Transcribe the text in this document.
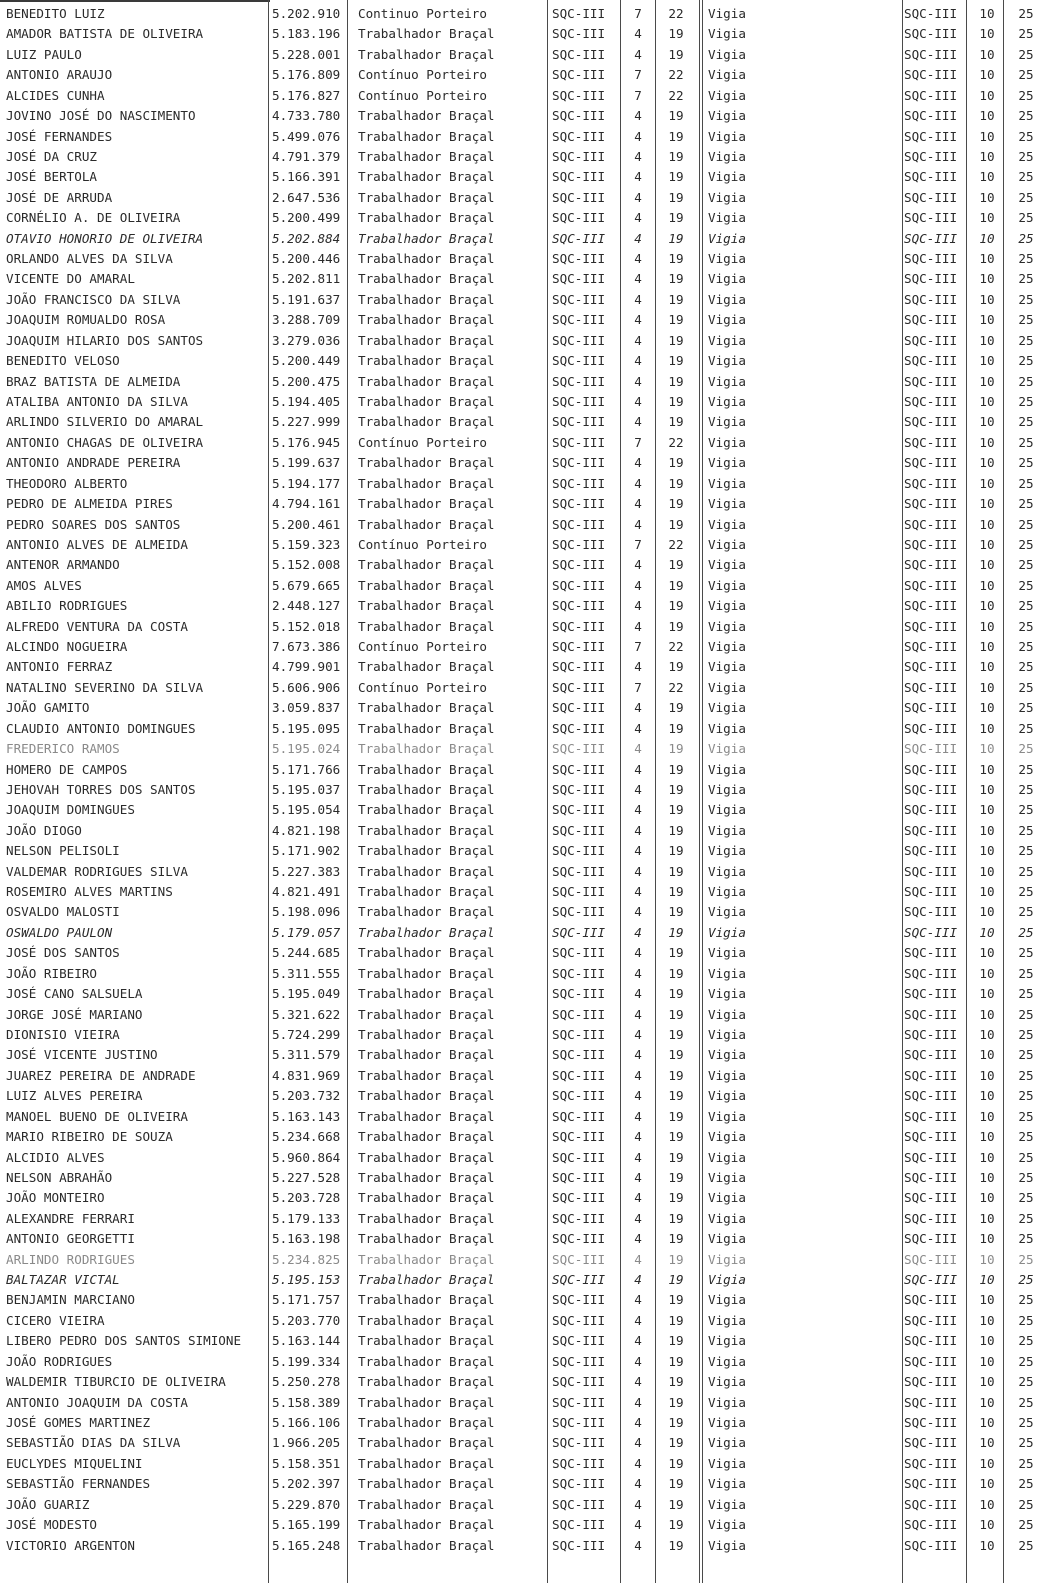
BENEDITO LUIZ	5.202.910	Continuo Porteiro	SQC-III	7	22	Vigia	SQC-III	10	25
AMADOR BATISTA DE OLIVEIRA	5.183.196	Trabalhador Braçal	SQC-III	4	19	Vigia	SQC-III	10	25
LUIZ PAULO	5.228.001	Trabalhador Braçal	SQC-III	4	19	Vigia	SQC-III	10	25
ANTONIO ARAUJO	5.176.809	Contínuo Porteiro	SQC-III	7	22	Vigia	SQC-III	10	25
ALCIDES CUNHA	5.176.827	Contínuo Porteiro	SQC-III	7	22	Vigia	SQC-III	10	25
JOVINO JOSÉ DO NASCIMENTO	4.733.780	Trabalhador Braçal	SQC-III	4	19	Vigia	SQC-III	10	25
JOSÉ FERNANDES	5.499.076	Trabalhador Braçal	SQC-III	4	19	Vigia	SQC-III	10	25
JOSÉ DA CRUZ	4.791.379	Trabalhador Braçal	SQC-III	4	19	Vigia	SQC-III	10	25
JOSÉ BERTOLA	5.166.391	Trabalhador Braçal	SQC-III	4	19	Vigia	SQC-III	10	25
JOSÉ DE ARRUDA	2.647.536	Trabalhador Braçal	SQC-III	4	19	Vigia	SQC-III	10	25
CORNÉLIO A. DE OLIVEIRA	5.200.499	Trabalhador Braçal	SQC-III	4	19	Vigia	SQC-III	10	25
OTAVIO HONORIO DE OLIVEIRA	5.202.884	Trabalhador Braçal	SQC-III	4	19	Vigia	SQC-III	10	25
ORLANDO ALVES DA SILVA	5.200.446	Trabalhador Braçal	SQC-III	4	19	Vigia	SQC-III	10	25
VICENTE DO AMARAL	5.202.811	Trabalhador Braçal	SQC-III	4	19	Vigia	SQC-III	10	25
JOÃO FRANCISCO DA SILVA	5.191.637	Trabalhador Braçal	SQC-III	4	19	Vigia	SQC-III	10	25
JOAQUIM ROMUALDO ROSA	3.288.709	Trabalhador Braçal	SQC-III	4	19	Vigia	SQC-III	10	25
JOAQUIM HILARIO DOS SANTOS	3.279.036	Trabalhador Braçal	SQC-III	4	19	Vigia	SQC-III	10	25
BENEDITO VELOSO	5.200.449	Trabalhador Braçal	SQC-III	4	19	Vigia	SQC-III	10	25
BRAZ BATISTA DE ALMEIDA	5.200.475	Trabalhador Braçal	SQC-III	4	19	Vigia	SQC-III	10	25
ATALIBA ANTONIO DA SILVA	5.194.405	Trabalhador Braçal	SQC-III	4	19	Vigia	SQC-III	10	25
ARLINDO SILVERIO DO AMARAL	5.227.999	Trabalhador Braçal	SQC-III	4	19	Vigia	SQC-III	10	25
ANTONIO CHAGAS DE OLIVEIRA	5.176.945	Contínuo Porteiro	SQC-III	7	22	Vigia	SQC-III	10	25
ANTONIO ANDRADE PEREIRA	5.199.637	Trabalhador Braçal	SQC-III	4	19	Vigia	SQC-III	10	25
THEODORO ALBERTO	5.194.177	Trabalhador Braçal	SQC-III	4	19	Vigia	SQC-III	10	25
PEDRO DE ALMEIDA PIRES	4.794.161	Trabalhador Braçal	SQC-III	4	19	Vigia	SQC-III	10	25
PEDRO SOARES DOS SANTOS	5.200.461	Trabalhador Braçal	SQC-III	4	19	Vigia	SQC-III	10	25
ANTONIO ALVES DE ALMEIDA	5.159.323	Contínuo Porteiro	SQC-III	7	22	Vigia	SQC-III	10	25
ANTENOR ARMANDO	5.152.008	Trabalhador Braçal	SQC-III	4	19	Vigia	SQC-III	10	25
AMOS ALVES	5.679.665	Trabalhador Braçal	SQC-III	4	19	Vigia	SQC-III	10	25
ABILIO RODRIGUES	2.448.127	Trabalhador Braçal	SQC-III	4	19	Vigia	SQC-III	10	25
ALFREDO VENTURA DA COSTA	5.152.018	Trabalhador Braçal	SQC-III	4	19	Vigia	SQC-III	10	25
ALCINDO NOGUEIRA	7.673.386	Contínuo Porteiro	SQC-III	7	22	Vigia	SQC-III	10	25
ANTONIO FERRAZ	4.799.901	Trabalhador Braçal	SQC-III	4	19	Vigia	SQC-III	10	25
NATALINO SEVERINO DA SILVA	5.606.906	Contínuo Porteiro	SQC-III	7	22	Vigia	SQC-III	10	25
JOÃO GAMITO	3.059.837	Trabalhador Braçal	SQC-III	4	19	Vigia	SQC-III	10	25
CLAUDIO ANTONIO DOMINGUES	5.195.095	Trabalhador Braçal	SQC-III	4	19	Vigia	SQC-III	10	25
FREDERICO RAMOS	5.195.024	Trabalhador Braçal	SQC-III	4	19	Vigia	SQC-III	10	25
HOMERO DE CAMPOS	5.171.766	Trabalhador Braçal	SQC-III	4	19	Vigia	SQC-III	10	25
JEHOVAH TORRES DOS SANTOS	5.195.037	Trabalhador Braçal	SQC-III	4	19	Vigia	SQC-III	10	25
JOAQUIM DOMINGUES	5.195.054	Trabalhador Braçal	SQC-III	4	19	Vigia	SQC-III	10	25
JOÃO DIOGO	4.821.198	Trabalhador Braçal	SQC-III	4	19	Vigia	SQC-III	10	25
NELSON PELISOLI	5.171.902	Trabalhador Braçal	SQC-III	4	19	Vigia	SQC-III	10	25
VALDEMAR RODRIGUES SILVA	5.227.383	Trabalhador Braçal	SQC-III	4	19	Vigia	SQC-III	10	25
ROSEMIRO ALVES MARTINS	4.821.491	Trabalhador Braçal	SQC-III	4	19	Vigia	SQC-III	10	25
OSVALDO MALOSTI	5.198.096	Trabalhador Braçal	SQC-III	4	19	Vigia	SQC-III	10	25
OSWALDO PAULON	5.179.057	Trabalhador Braçal	SQC-III	4	19	Vigia	SQC-III	10	25
JOSÉ DOS SANTOS	5.244.685	Trabalhador Braçal	SQC-III	4	19	Vigia	SQC-III	10	25
JOÃO RIBEIRO	5.311.555	Trabalhador Braçal	SQC-III	4	19	Vigia	SQC-III	10	25
JOSÉ CANO SALSUELA	5.195.049	Trabalhador Braçal	SQC-III	4	19	Vigia	SQC-III	10	25
JORGE JOSÉ MARIANO	5.321.622	Trabalhador Braçal	SQC-III	4	19	Vigia	SQC-III	10	25
DIONISIO VIEIRA	5.724.299	Trabalhador Braçal	SQC-III	4	19	Vigia	SQC-III	10	25
JOSÉ VICENTE JUSTINO	5.311.579	Trabalhador Braçal	SQC-III	4	19	Vigia	SQC-III	10	25
JUAREZ PEREIRA DE ANDRADE	4.831.969	Trabalhador Braçal	SQC-III	4	19	Vigia	SQC-III	10	25
LUIZ ALVES PEREIRA	5.203.732	Trabalhador Braçal	SQC-III	4	19	Vigia	SQC-III	10	25
MANOEL BUENO DE OLIVEIRA	5.163.143	Trabalhador Braçal	SQC-III	4	19	Vigia	SQC-III	10	25
MARIO RIBEIRO DE SOUZA	5.234.668	Trabalhador Braçal	SQC-III	4	19	Vigia	SQC-III	10	25
ALCIDIO ALVES	5.960.864	Trabalhador Braçal	SQC-III	4	19	Vigia	SQC-III	10	25
NELSON ABRAHÃO	5.227.528	Trabalhador Braçal	SQC-III	4	19	Vigia	SQC-III	10	25
JOÃO MONTEIRO	5.203.728	Trabalhador Braçal	SQC-III	4	19	Vigia	SQC-III	10	25
ALEXANDRE FERRARI	5.179.133	Trabalhador Braçal	SQC-III	4	19	Vigia	SQC-III	10	25
ANTONIO GEORGETTI	5.163.198	Trabalhador Braçal	SQC-III	4	19	Vigia	SQC-III	10	25
ARLINDO RODRIGUES	5.234.825	Trabalhador Braçal	SQC-III	4	19	Vigia	SQC-III	10	25
BALTAZAR VICTAL	5.195.153	Trabalhador Braçal	SQC-III	4	19	Vigia	SQC-III	10	25
BENJAMIN MARCIANO	5.171.757	Trabalhador Braçal	SQC-III	4	19	Vigia	SQC-III	10	25
CICERO VIEIRA	5.203.770	Trabalhador Braçal	SQC-III	4	19	Vigia	SQC-III	10	25
LIBERO PEDRO DOS SANTOS SIMIONE	5.163.144	Trabalhador Braçal	SQC-III	4	19	Vigia	SQC-III	10	25
JOÃO RODRIGUES	5.199.334	Trabalhador Braçal	SQC-III	4	19	Vigia	SQC-III	10	25
WALDEMIR TIBURCIO DE OLIVEIRA	5.250.278	Trabalhador Braçal	SQC-III	4	19	Vigia	SQC-III	10	25
ANTONIO JOAQUIM DA COSTA	5.158.389	Trabalhador Braçal	SQC-III	4	19	Vigia	SQC-III	10	25
JOSÉ GOMES MARTINEZ	5.166.106	Trabalhador Braçal	SQC-III	4	19	Vigia	SQC-III	10	25
SEBASTIÃO DIAS DA SILVA	1.966.205	Trabalhador Braçal	SQC-III	4	19	Vigia	SQC-III	10	25
EUCLYDES MIQUELINI	5.158.351	Trabalhador Braçal	SQC-III	4	19	Vigia	SQC-III	10	25
SEBASTIÃO FERNANDES	5.202.397	Trabalhador Braçal	SQC-III	4	19	Vigia	SQC-III	10	25
JOÃO GUARIZ	5.229.870	Trabalhador Braçal	SQC-III	4	19	Vigia	SQC-III	10	25
JOSÉ MODESTO	5.165.199	Trabalhador Braçal	SQC-III	4	19	Vigia	SQC-III	10	25
VICTORIO ARGENTON	5.165.248	Trabalhador Braçal	SQC-III	4	19	Vigia	SQC-III	10	25
